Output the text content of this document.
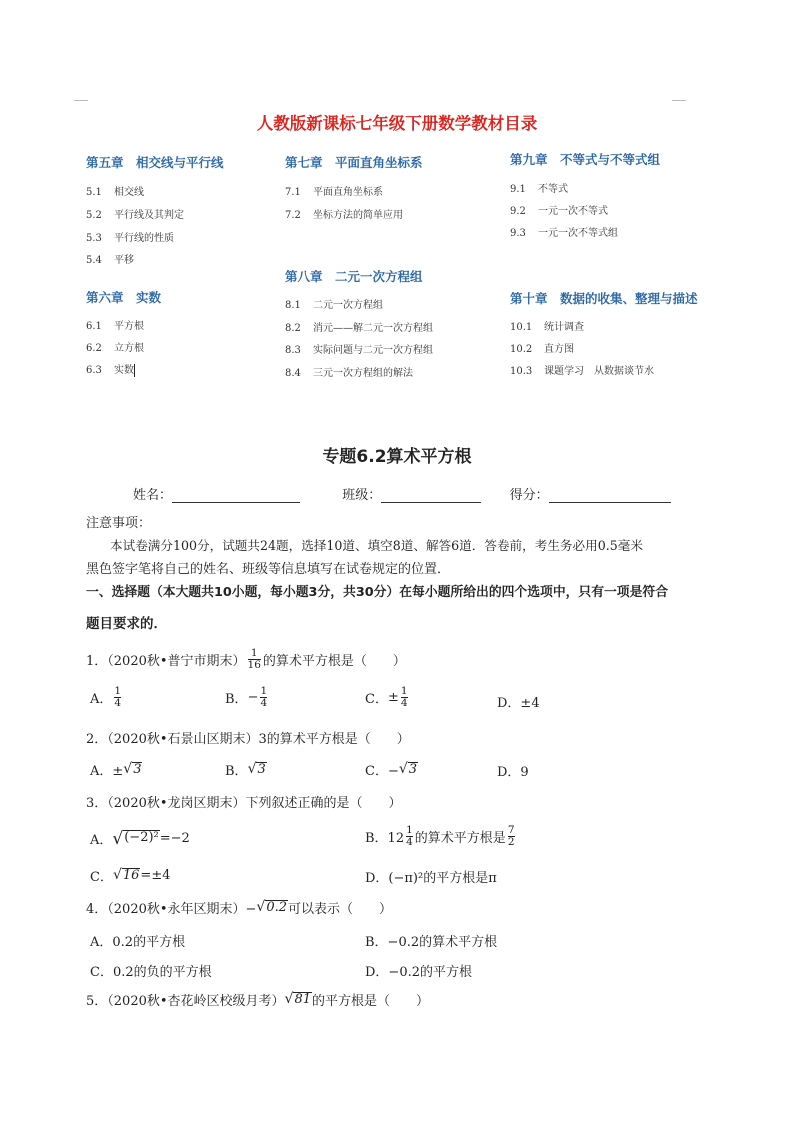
人教版新课标七年级下册数学教材目录
第五章　相交线与平行线
5.1 相交线
5.2 平行线及其判定
5.3 平行线的性质
5.4 平移
第六章　实数
6.1 平方根
6.2 立方根
6.3 实数
第七章　平面直角坐标系
7.1 平面直角坐标系
7.2 坐标方法的简单应用
第八章　二元一次方程组
8.1 二元一次方程组
8.2 消元——解二元一次方程组
8.3 实际问题与二元一次方程组
8.4 三元一次方程组的解法
第九章　不等式与不等式组
9.1 不等式
9.2 一元一次不等式
9.3 一元一次不等式组
第十章　数据的收集、整理与描述
10.1 统计调查
10.2 直方图
10.3 课题学习　从数据谈节水
专题6.2算术平方根
姓名：	班级：	得分：
注意事项：
本试卷满分100分，试题共24题，选择10道、填空8道、解答6道．答卷前，考生务必用0.5毫米
黑色签字笔将自己的姓名、班级等信息填写在试卷规定的位置．
一、选择题（本大题共10小题，每小题3分，共30分）在每小题所给出的四个选项中，只有一项是符合
题目要求的．
1．（2020秋•普宁市期末） $\frac{1}{16}$ 的算术平方根是（　　）
A． $\frac{1}{4}$	B． − $\frac{1}{4}$	C． ± $\frac{1}{4}$	D．±4
2．（2020秋•石景山区期末）3的算术平方根是（　　）
A．± √ 3	B． √ 3	C．− √ 3	D．9
3．（2020秋•龙岗区期末）下列叙述正确的是（　　）
A． √ (−2)² =−2	B．$12 \frac{1}{4}$ 的算术平方根是 $\frac{7}{2}$
C． √ 16 =±4	D．(−π)²的平方根是π
4．（2020秋•永年区期末）− √ 0.2 可以表示（　　）
A．0.2的平方根	B．−0.2的算术平方根
C．0.2的负的平方根	D．−0.2的平方根
5．（2020秋•杏花岭区校级月考） √ 81 的平方根是（　　）
